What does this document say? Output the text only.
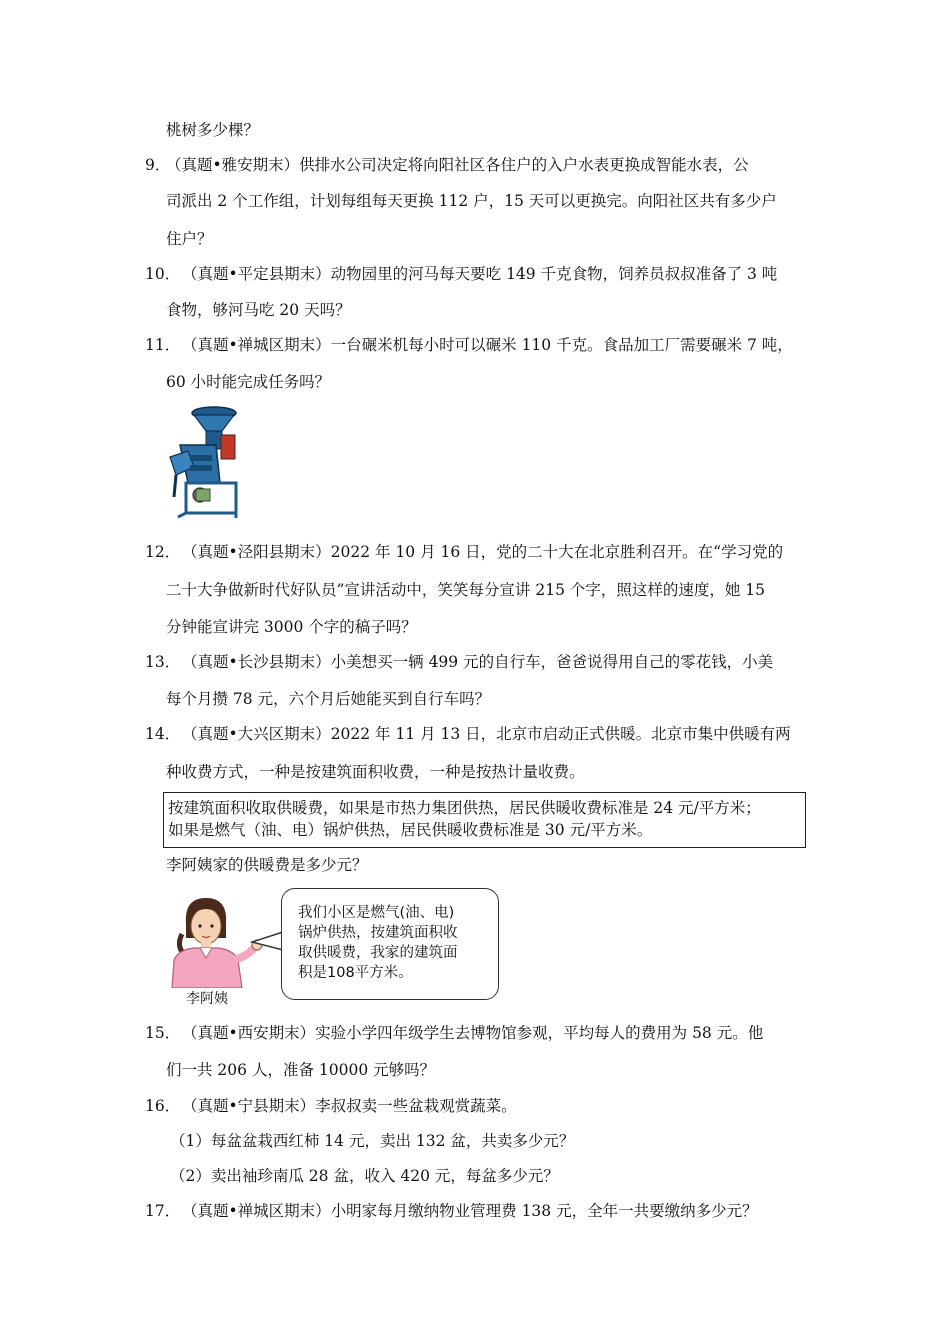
桃树多少棵？
9．
（真题•雅安期末）供排水公司决定将向阳社区各住户的入户水表更换成智能水表，公
司派出 2 个工作组，计划每组每天更换 112 户，15 天可以更换完。向阳社区共有多少户
住户？
10． （真题•平定县期末）动物园里的河马每天要吃 149 千克食物，饲养员叔叔准备了 3 吨
食物，够河马吃 20 天吗？
11． （真题•禅城区期末）一台碾米机每小时可以碾米 110 千克。食品加工厂需要碾米 7 吨，
60 小时能完成任务吗？
12． （真题•泾阳县期末）2022 年 10 月 16 日，党的二十大在北京胜利召开。在“学习党的
二十大争做新时代好队员”宣讲活动中，笑笑每分宣讲 215 个字，照这样的速度，她 15
分钟能宣讲完 3000 个字的稿子吗？
13． （真题•长沙县期末）小美想买一辆 499 元的自行车，爸爸说得用自己的零花钱，小美
每个月攒 78 元，六个月后她能买到自行车吗？
14． （真题•大兴区期末）2022 年 11 月 13 日，北京市启动正式供暖。北京市集中供暖有两
种收费方式，一种是按建筑面积收费，一种是按热计量收费。
按建筑面积收取供暖费，如果是市热力集团供热，居民供暖收费标准是 24 元/平方米；
如果是燃气（油、电）锅炉供热，居民供暖收费标准是 30 元/平方米。
李阿姨家的供暖费是多少元？
李阿姨
我们小区是燃气(油、电)
锅炉供热，按建筑面积收
取供暖费，我家的建筑面
积是108平方米。
15． （真题•西安期末）实验小学四年级学生去博物馆参观，平均每人的费用为 58 元。他
们一共 206 人，准备 10000 元够吗？
16． （真题•宁县期末）李叔叔卖一些盆栽观赏蔬菜。
（1）每盆盆栽西红柿 14 元，卖出 132 盆，共卖多少元？
（2）卖出袖珍南瓜 28 盆，收入 420 元，每盆多少元？
17． （真题•禅城区期末）小明家每月缴纳物业管理费 138 元，全年一共要缴纳多少元？
